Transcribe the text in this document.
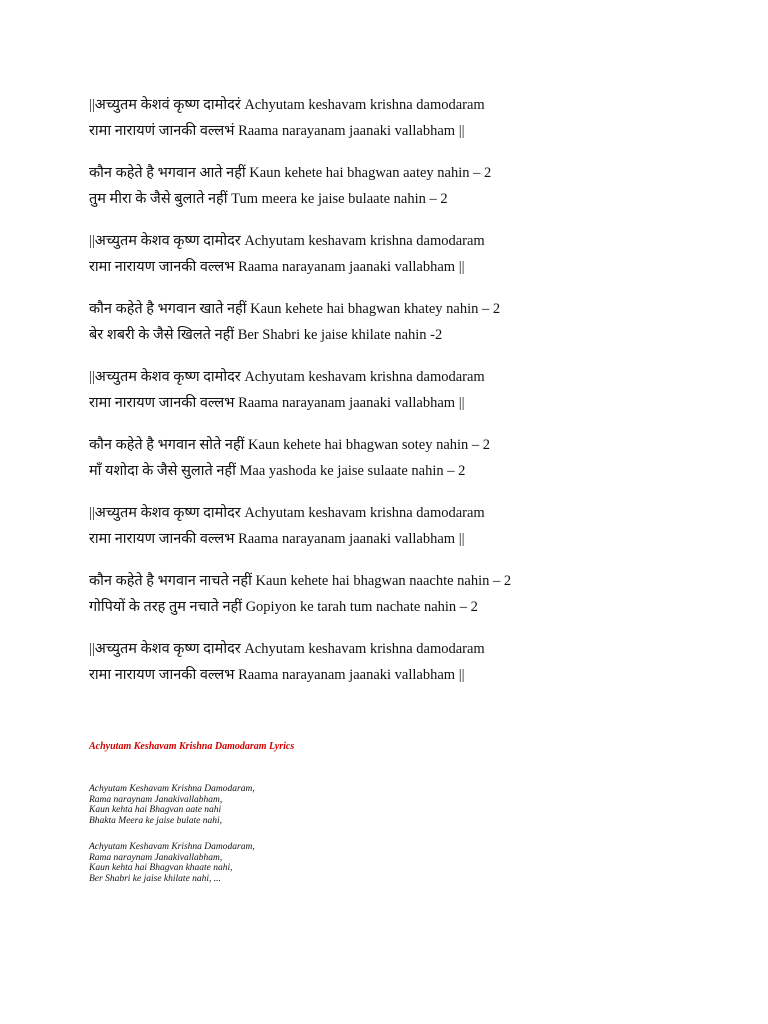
||अच्युतम केशवं कृष्ण दामोदरं Achyutam keshavam krishna damodaram

रामा नारायणं जानकी वल्लभं Raama narayanam jaanaki vallabham ||

कौन कहेते है भगवान आते नहीं Kaun kehete hai bhagwan aatey nahin – 2

तुम मीरा के जैसे बुलाते नहीं Tum meera ke jaise bulaate nahin – 2

||अच्युतम केशव कृष्ण दामोदर Achyutam keshavam krishna damodaram

रामा नारायण जानकी वल्लभ Raama narayanam jaanaki vallabham ||

कौन कहेते है भगवान खाते नहीं Kaun kehete hai bhagwan khatey nahin – 2

बेर शबरी के जैसे खिलते नहीं Ber Shabri ke jaise khilate nahin -2

||अच्युतम केशव कृष्ण दामोदर Achyutam keshavam krishna damodaram

रामा नारायण जानकी वल्लभ Raama narayanam jaanaki vallabham ||

कौन कहेते है भगवान सोते नहीं Kaun kehete hai bhagwan sotey nahin – 2

माँ यशोदा के जैसे सुलाते नहीं Maa yashoda ke jaise sulaate nahin – 2

||अच्युतम केशव कृष्ण दामोदर Achyutam keshavam krishna damodaram

रामा नारायण जानकी वल्लभ Raama narayanam jaanaki vallabham ||

कौन कहेते है भगवान नाचते नहीं Kaun kehete hai bhagwan naachte nahin – 2

गोपियों के तरह तुम नचाते नहीं Gopiyon ke tarah tum nachate nahin – 2

||अच्युतम केशव कृष्ण दामोदर Achyutam keshavam krishna damodaram

रामा नारायण जानकी वल्लभ Raama narayanam jaanaki vallabham ||

Achyutam Keshavam Krishna Damodaram Lyrics

Achyutam Keshavam Krishna Damodaram,

Rama naraynam Janakivallabham,

Kaun kehta hai Bhagvan aate nahi

Bhakta Meera ke jaise bulate nahi,

Achyutam Keshavam Krishna Damodaram,

Rama naraynam Janakivallabham,

Kaun kehta hai Bhagvan khaate nahi,

Ber Shabri ke jaise khilate nahi, ...
